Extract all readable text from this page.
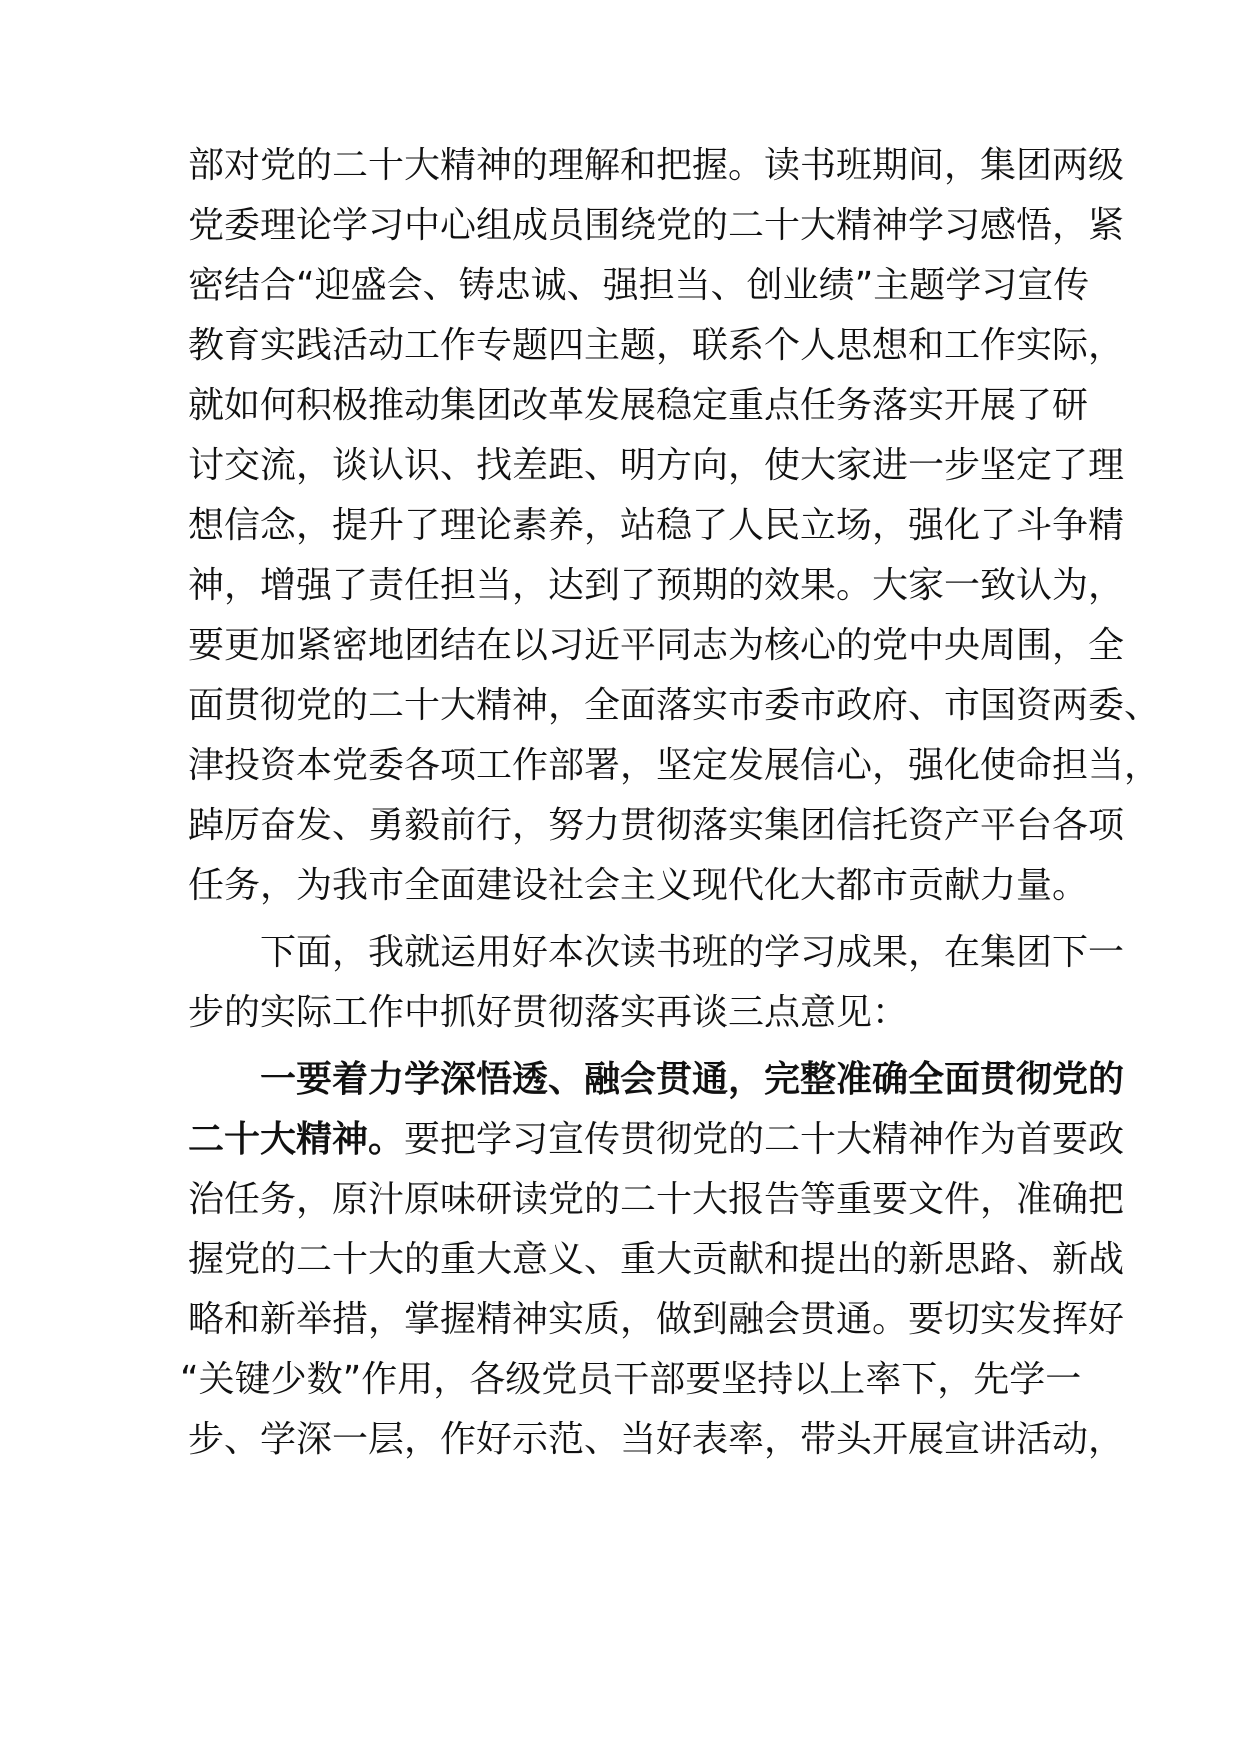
部对党的二十大精神的理解和把握。读书班期间，集团两级
党委理论学习中心组成员围绕党的二十大精神学习感悟，紧
密结合“迎盛会、铸忠诚、强担当、创业绩”主题学习宣传
教育实践活动工作专题四主题，联系个人思想和工作实际，
就如何积极推动集团改革发展稳定重点任务落实开展了研
讨交流，谈认识、找差距、明方向，使大家进一步坚定了理
想信念，提升了理论素养，站稳了人民立场，强化了斗争精
神，增强了责任担当，达到了预期的效果。大家一致认为，
要更加紧密地团结在以习近平同志为核心的党中央周围，全
面贯彻党的二十大精神，全面落实市委市政府、市国资两委、
津投资本党委各项工作部署，坚定发展信心，强化使命担当，
踔厉奋发、勇毅前行，努力贯彻落实集团信托资产平台各项
任务，为我市全面建设社会主义现代化大都市贡献力量。
下面，我就运用好本次读书班的学习成果，在集团下一
步的实际工作中抓好贯彻落实再谈三点意见：
一要着力学深悟透、融会贯通，完整准确全面贯彻党的
二十大精神。要把学习宣传贯彻党的二十大精神作为首要政
治任务，原汁原味研读党的二十大报告等重要文件，准确把
握党的二十大的重大意义、重大贡献和提出的新思路、新战
略和新举措，掌握精神实质，做到融会贯通。要切实发挥好
“关键少数”作用，各级党员干部要坚持以上率下，先学一
步、学深一层，作好示范、当好表率，带头开展宣讲活动，
